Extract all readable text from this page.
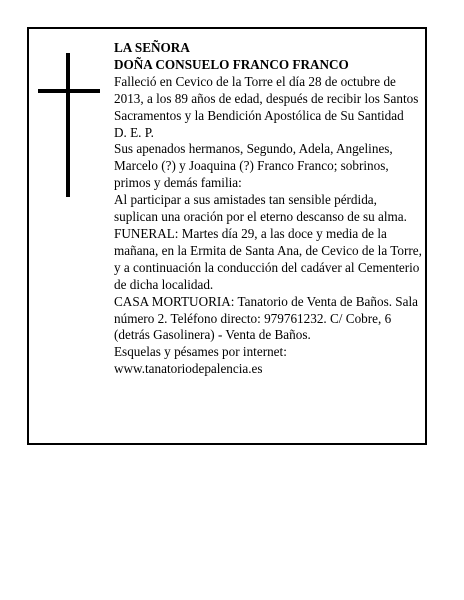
LA SEÑORA

DOÑA CONSUELO FRANCO FRANCO

Falleció en Cevico de la Torre el día 28 de octubre de 2013, a los 89 años de edad, después de recibir los Santos Sacramentos y la Bendición Apostólica de Su Santidad

D. E. P.

Sus apenados hermanos, Segundo, Adela, Angelines, Marcelo (?) y Joaquina (?) Franco Franco; sobrinos, primos y demás familia:

Al participar a sus amistades tan sensible pérdida, suplican una oración por el eterno descanso de su alma.

FUNERAL: Martes día 29, a las doce y media de la mañana, en la Ermita de Santa Ana, de Cevico de la Torre, y a continuación la conducción del cadáver al Cementerio de dicha localidad.

CASA MORTUORIA: Tanatorio de Venta de Baños. Sala número 2. Teléfono directo: 979761232. C/ Cobre, 6 (detrás Gasolinera) - Venta de Baños.

Esquelas y pésames por internet:

www.tanatoriodepalencia.es
